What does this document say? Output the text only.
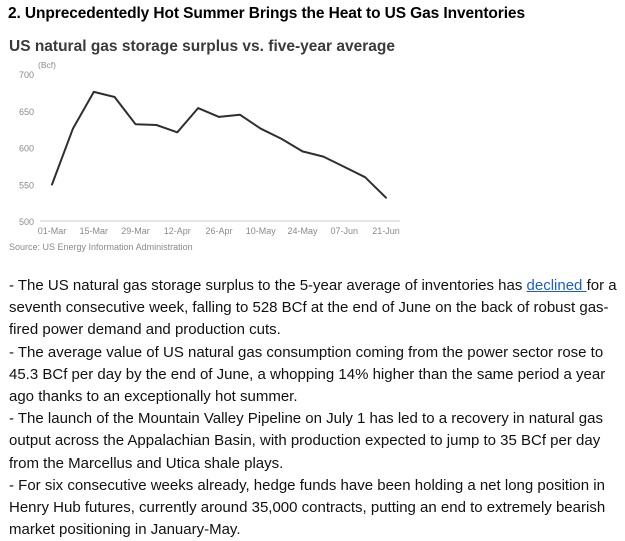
2. Unprecedentedly Hot Summer Brings the Heat to US Gas Inventories
US natural gas storage surplus vs. five-year average
500
550
600
650
700
01-Mar 15-Mar 29-Mar 12-Apr 26-Apr 10-May 24-May 07-Jun 21-Jun
(Bcf)
Source: US Energy Information Administration

- The US natural gas storage surplus to the 5-year average of inventories has declined for a seventh consecutive week, falling to 528 BCf at the end of June on the back of robust gas-fired power demand and production cuts.

- The average value of US natural gas consumption coming from the power sector rose to 45.3 BCf per day by the end of June, a whopping 14% higher than the same period a year ago thanks to an exceptionally hot summer.

- The launch of the Mountain Valley Pipeline on July 1 has led to a recovery in natural gas output across the Appalachian Basin, with production expected to jump to 35 BCf per day from the Marcellus and Utica shale plays.

- For six consecutive weeks already, hedge funds have been holding a net long position in Henry Hub futures, currently around 35,000 contracts, putting an end to extremely bearish market positioning in January-May.
